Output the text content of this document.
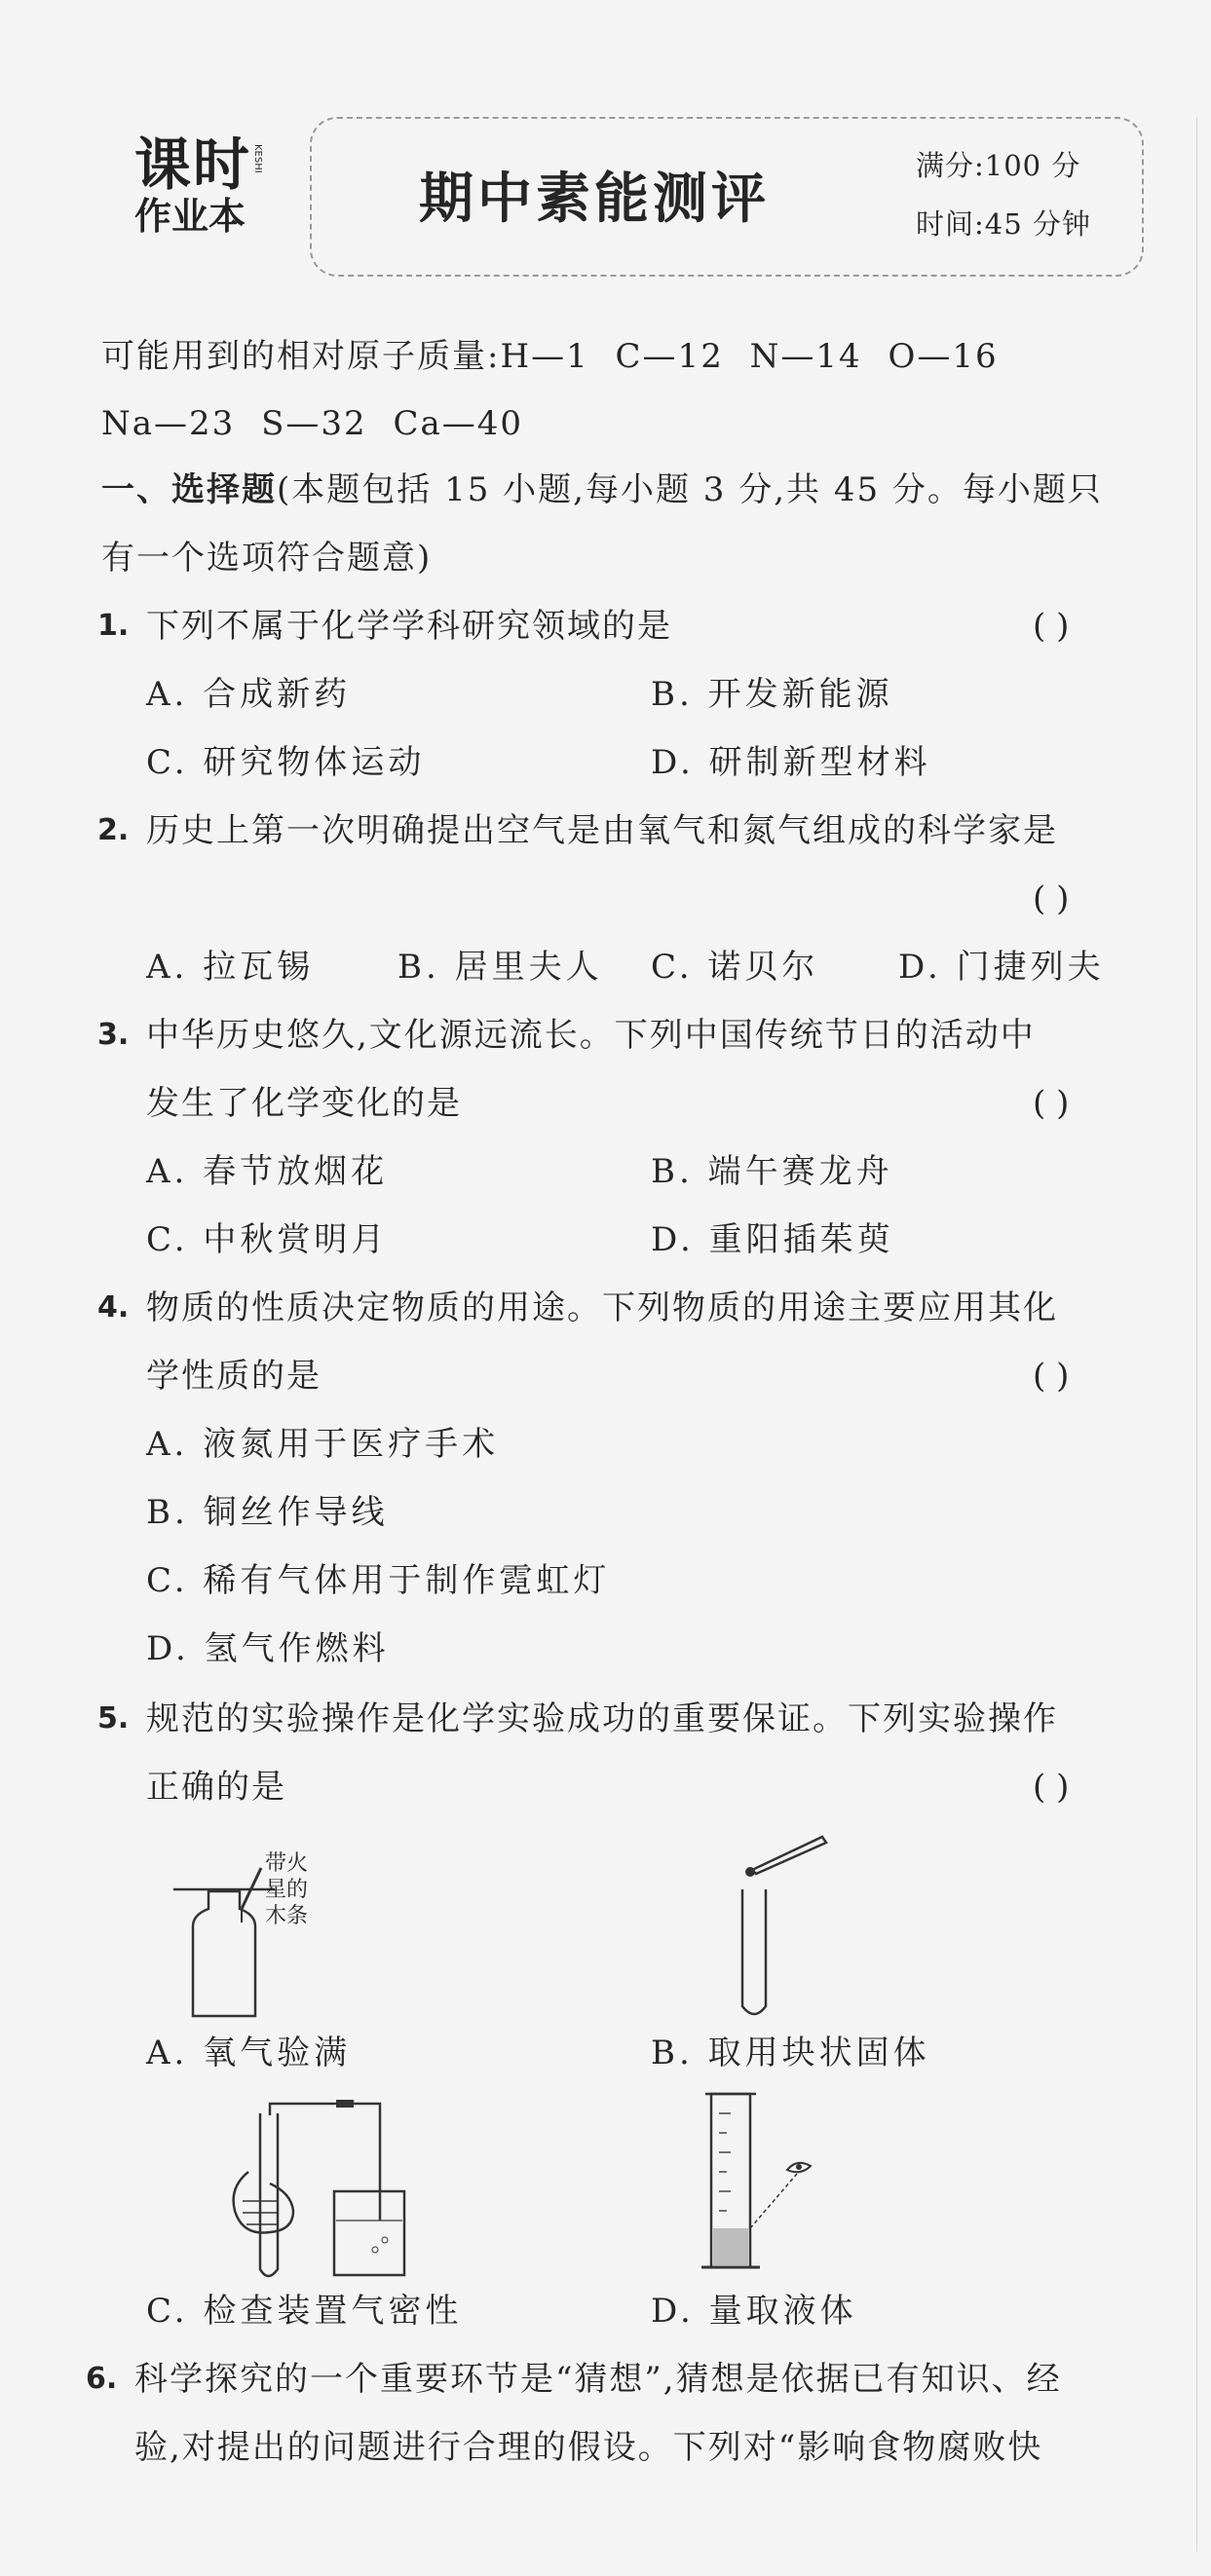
课时
作业本
KESHI
期中素能测评
满分:100 分
时间:45 分钟
可能用到的相对原子质量:H—1 C—12 N—14 O—16
Na—23 S—32 Ca—40
一、选择题(本题包括 15 小题,每小题 3 分,共 45 分。每小题只
有一个选项符合题意)
1. 下列不属于化学学科研究领域的是	( )
A. 合成新药	B. 开发新能源
C. 研究物体运动	D. 研制新型材料
2. 历史上第一次明确提出空气是由氧气和氮气组成的科学家是
( )
A. 拉瓦锡	B. 居里夫人 C. 诺贝尔 D. 门捷列夫
3. 中华历史悠久,文化源远流长。下列中国传统节日的活动中
发生了化学变化的是	( )
A. 春节放烟花	B. 端午赛龙舟
C. 中秋赏明月	D. 重阳插茱萸
4. 物质的性质决定物质的用途。下列物质的用途主要应用其化
学性质的是	( )
A. 液氮用于医疗手术
B. 铜丝作导线
C. 稀有气体用于制作霓虹灯
D. 氢气作燃料
5. 规范的实验操作是化学实验成功的重要保证。下列实验操作
正确的是	( )
带火星的木条
A. 氧气验满	B. 取用块状固体
C. 检查装置气密性	D. 量取液体
6. 科学探究的一个重要环节是“猜想”,猜想是依据已有知识、经
验,对提出的问题进行合理的假设。下列对“影响食物腐败快
